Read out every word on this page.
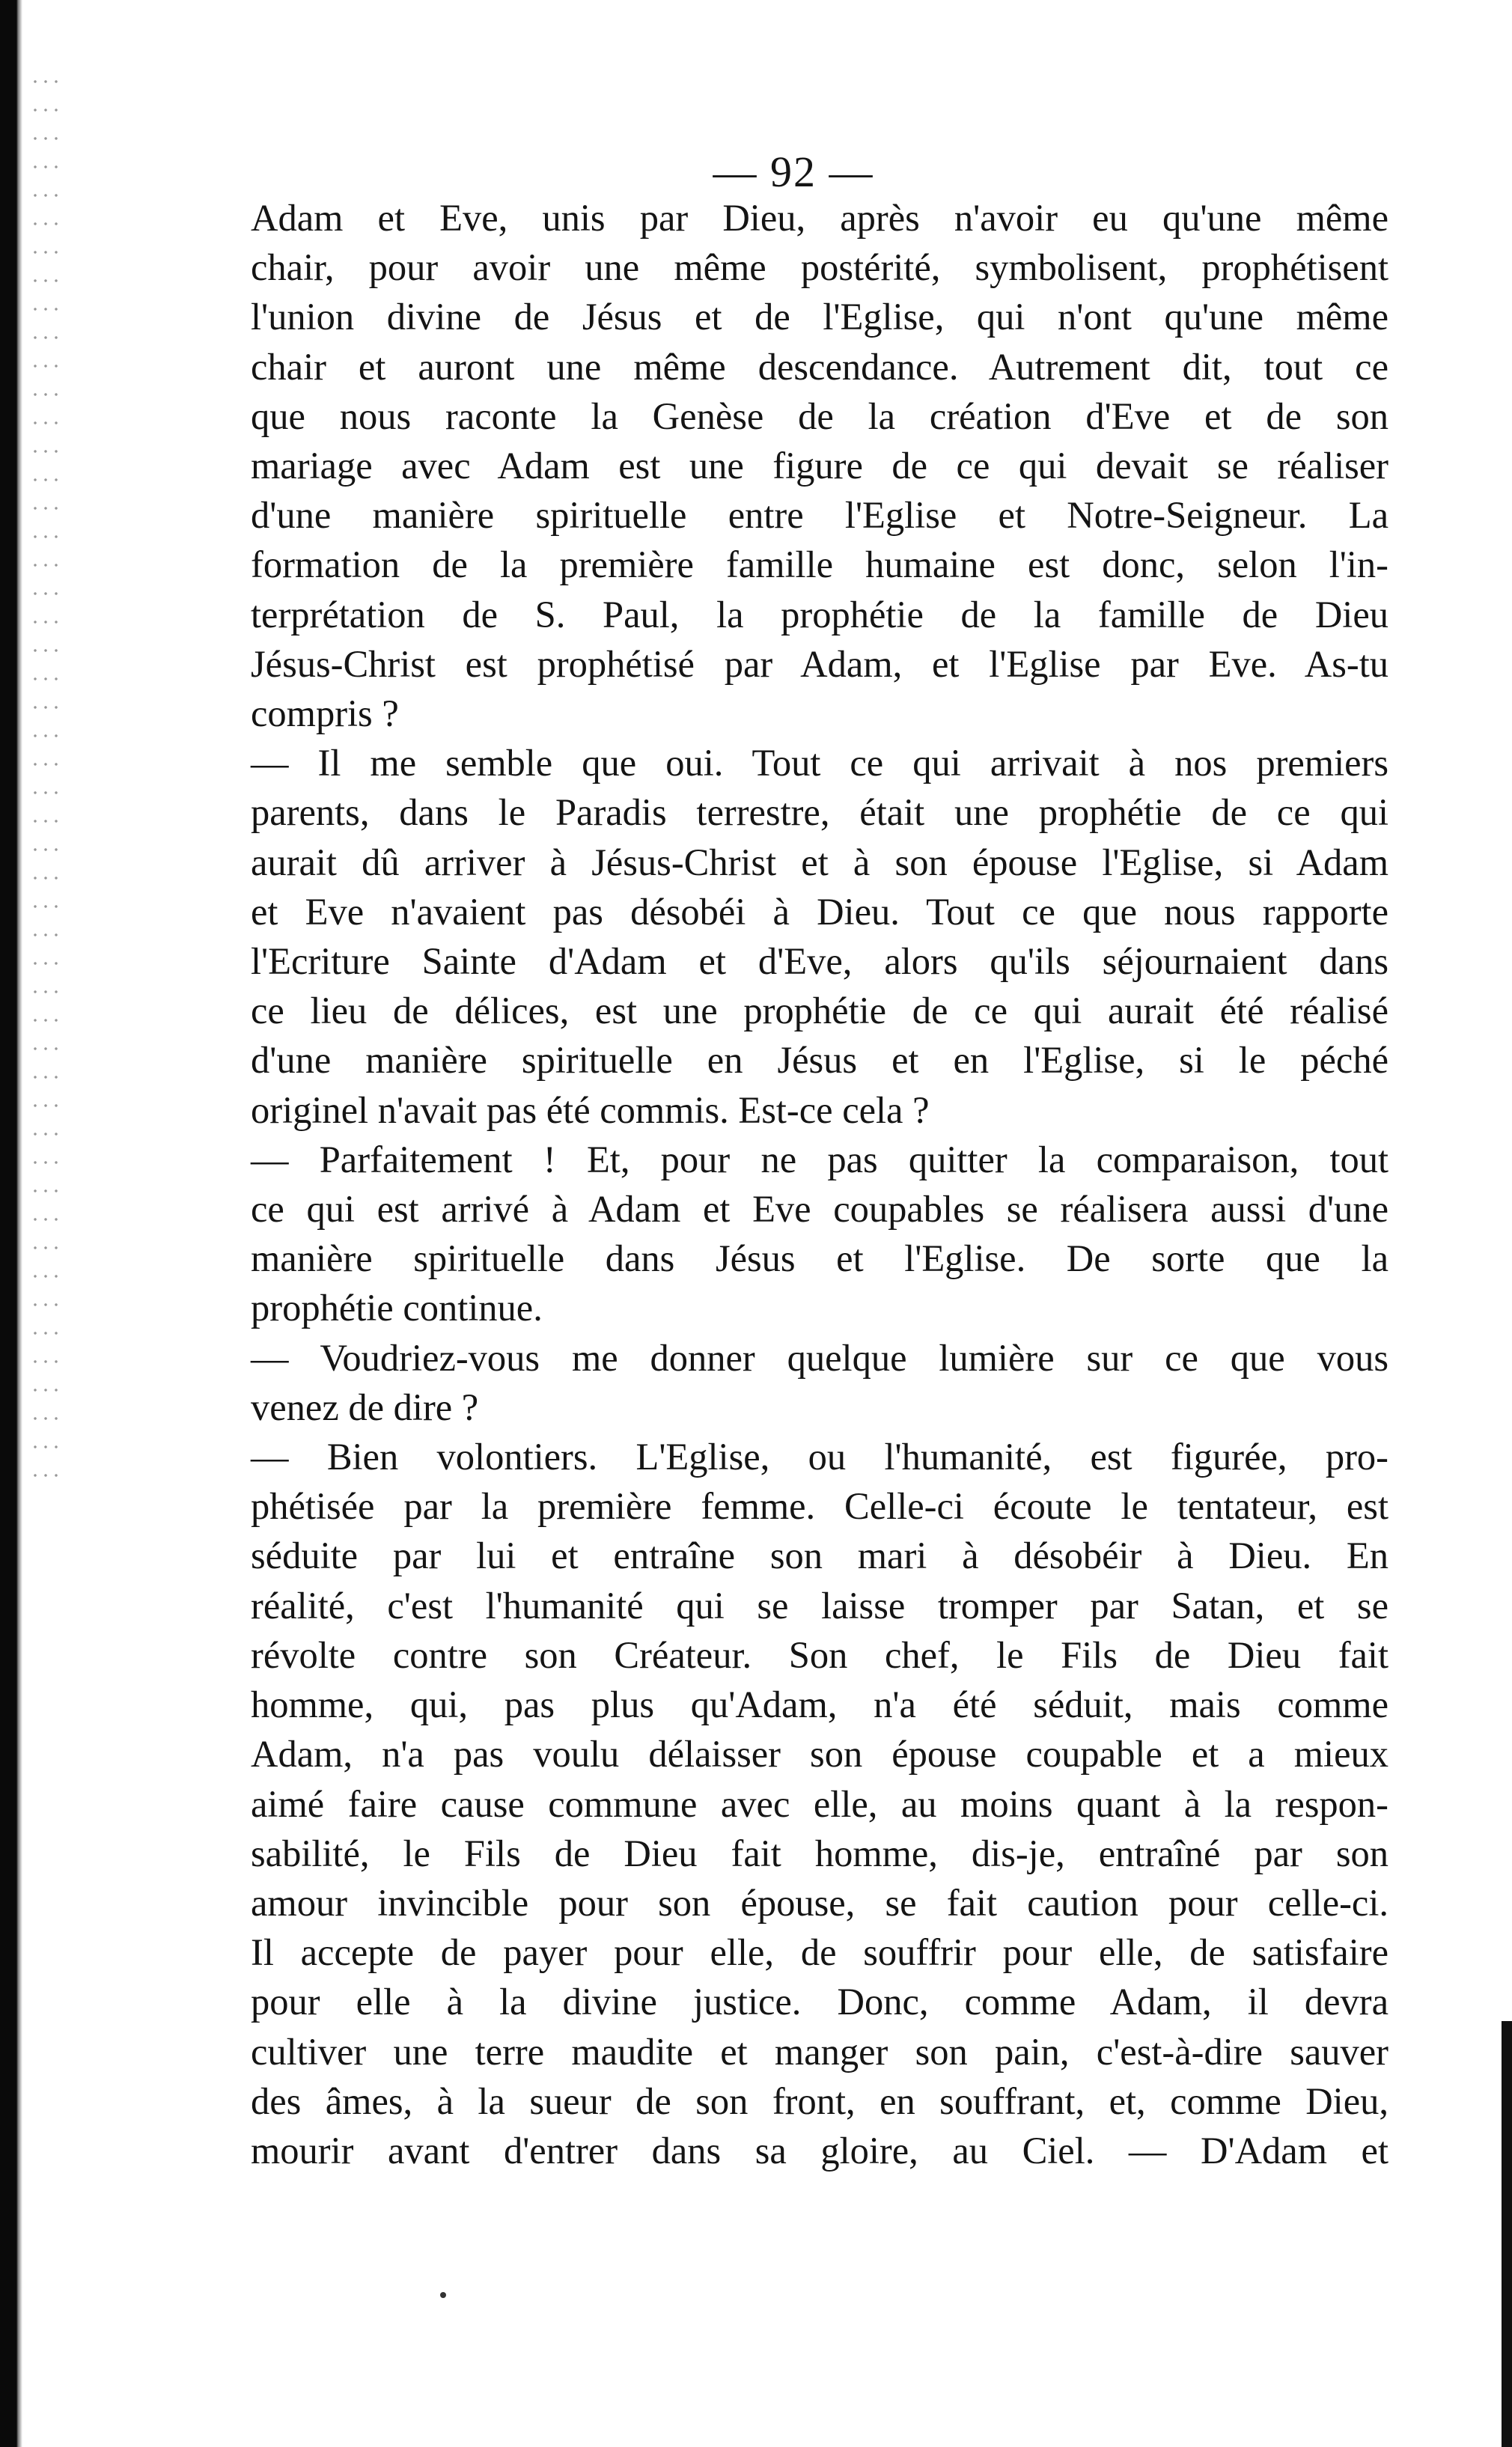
— 92 —
Adam et Eve, unis par Dieu, après n'avoir eu qu'une même
chair, pour avoir une même postérité, symbolisent, prophétisent
l'union divine de Jésus et de l'Eglise, qui n'ont qu'une même
chair et auront une même descendance. Autrement dit, tout ce
que nous raconte la Genèse de la création d'Eve et de son
mariage avec Adam est une figure de ce qui devait se réaliser
d'une manière spirituelle entre l'Eglise et Notre-Seigneur. La
formation de la première famille humaine est donc, selon l'in-
terprétation de S. Paul, la prophétie de la famille de Dieu
Jésus-Christ est prophétisé par Adam, et l'Eglise par Eve. As-tu
compris ?
— Il me semble que oui. Tout ce qui arrivait à nos premiers
parents, dans le Paradis terrestre, était une prophétie de ce qui
aurait dû arriver à Jésus-Christ et à son épouse l'Eglise, si Adam
et Eve n'avaient pas désobéi à Dieu. Tout ce que nous rapporte
l'Ecriture Sainte d'Adam et d'Eve, alors qu'ils séjournaient dans
ce lieu de délices, est une prophétie de ce qui aurait été réalisé
d'une manière spirituelle en Jésus et en l'Eglise, si le péché
originel n'avait pas été commis. Est-ce cela ?
— Parfaitement ! Et, pour ne pas quitter la comparaison, tout
ce qui est arrivé à Adam et Eve coupables se réalisera aussi d'une
manière spirituelle dans Jésus et l'Eglise. De sorte que la
prophétie continue.
— Voudriez-vous me donner quelque lumière sur ce que vous
venez de dire ?
— Bien volontiers. L'Eglise, ou l'humanité, est figurée, pro-
phétisée par la première femme. Celle-ci écoute le tentateur, est
séduite par lui et entraîne son mari à désobéir à Dieu. En
réalité, c'est l'humanité qui se laisse tromper par Satan, et se
révolte contre son Créateur. Son chef, le Fils de Dieu fait
homme, qui, pas plus qu'Adam, n'a été séduit, mais comme
Adam, n'a pas voulu délaisser son épouse coupable et a mieux
aimé faire cause commune avec elle, au moins quant à la respon-
sabilité, le Fils de Dieu fait homme, dis-je, entraîné par son
amour invincible pour son épouse, se fait caution pour celle-ci.
Il accepte de payer pour elle, de souffrir pour elle, de satisfaire
pour elle à la divine justice. Donc, comme Adam, il devra
cultiver une terre maudite et manger son pain, c'est-à-dire sauver
des âmes, à la sueur de son front, en souffrant, et, comme Dieu,
mourir avant d'entrer dans sa gloire, au Ciel. — D'Adam et
